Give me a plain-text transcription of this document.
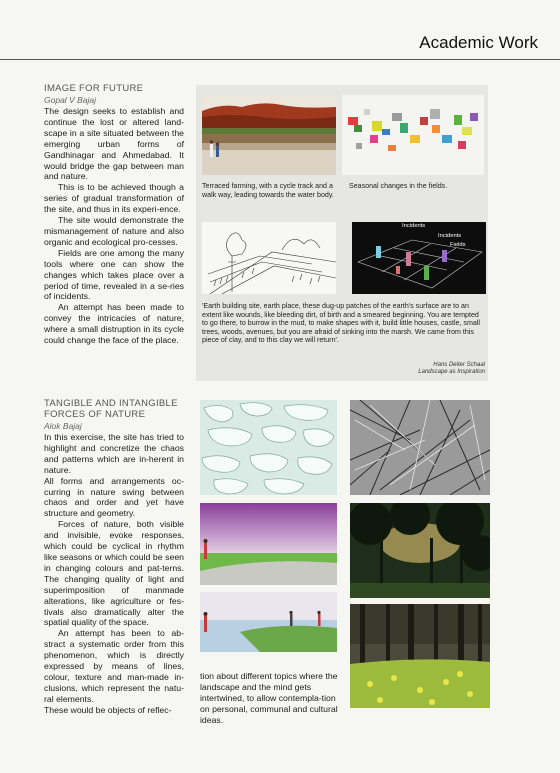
Academic Work
IMAGE FOR FUTURE
Gopal V Bajaj

The design seeks to establish and continue the lost or altered land-scape in a site situated between the emerging urban forms of Gandhinagar and Ahmedabad. It would bridge the gap between man and nature.

This is to be achieved though a series of gradual transformation of the site, and thus in its experi-ence.

The site would demonstrate the mismanagement of nature and also organic and ecological pro-cesses.

Fields are one among the many tools where one can show the changes which takes place over a period of time, revealed in a se-ries of incidents.

An attempt has been made to convey the intricacies of nature, where a small distruption in its cycle could change the face of the place.

Terraced farming, with a cycle track and a walk way, leading towards the water body.
Seasonal changes in the fields.
Incidents
Incidents
Fields
'Earth building site, earth place, these dug-up patches of the earth's surface are to an extent like wounds, like bleeding dirt, of birth and a smeared beginning. You are tempted to go there, to burrow in the mud, to make shapes with it, build little houses, castle, small trees, woods, avenues, but you are afraid of sinking into the marsh. We came from this piece of clay, and to this clay we will return'.
Hans Deiter Schaal
Landscape as Inspiration
TANGIBLE AND INTANGIBLE
FORCES OF NATURE
Alok Bajaj

In this exercise, the site has tried to highlight and concretize the chaos and patterns which are in-herent in nature.

All forms and arrangements oc-curring in nature swing between chaos and order and yet have structure and geometry.

Forces of nature, both visible and invisible, evoke responses, which could be cyclical in rhythm like seasons or which could be seen in changing colours and pat-terns. The changing quality of light and superimposition of manmade alterations, like agriculture or fes-tivals also dramatically alter the spatial quality of the space.

An attempt has been to ab-stract a systematic order from this phenomenon, which is directly expressed by means of lines, colour, texture and man-made in-clusions, which represent the natu-ral elements.

These would be objects of reflec-

tion about different topics where the landscape and the mind gets intertwined, to allow contempla-tion on personal, communal and cultural ideas.
